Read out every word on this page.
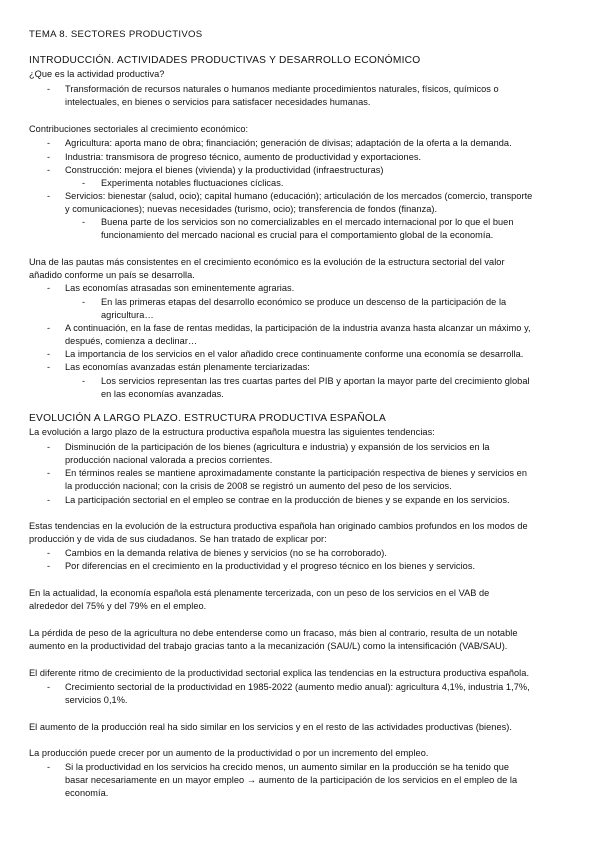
TEMA 8. SECTORES PRODUCTIVOS
INTRODUCCIÓN. ACTIVIDADES PRODUCTIVAS Y DESARROLLO ECONÓMICO
¿Que es la actividad productiva?
- Transformación de recursos naturales o humanos mediante procedimientos naturales, físicos, químicos o
intelectuales, en bienes o servicios para satisfacer necesidades humanas.
Contribuciones sectoriales al crecimiento económico:
- Agricultura: aporta mano de obra; financiación; generación de divisas; adaptación de la oferta a la demanda.
- Industria: transmisora de progreso técnico, aumento de productividad y exportaciones.
- Construcción: mejora el bienes (vivienda) y la productividad (infraestructuras)
- Experimenta notables fluctuaciones cíclicas.
- Servicios: bienestar (salud, ocio); capital humano (educación); articulación de los mercados (comercio, transporte
y comunicaciones); nuevas necesidades (turismo, ocio); transferencia de fondos (finanza).
- Buena parte de los servicios son no comercializables en el mercado internacional por lo que el buen
funcionamiento del mercado nacional es crucial para el comportamiento global de la economía.
Una de las pautas más consistentes en el crecimiento económico es la evolución de la estructura sectorial del valor
añadido conforme un país se desarrolla.
- Las economías atrasadas son eminentemente agrarias.
- En las primeras etapas del desarrollo económico se produce un descenso de la participación de la
agricultura…
- A continuación, en la fase de rentas medidas, la participación de la industria avanza hasta alcanzar un máximo y,
después, comienza a declinar…
- La importancia de los servicios en el valor añadido crece continuamente conforme una economía se desarrolla.
- Las economías avanzadas están plenamente terciarizadas:
- Los servicios representan las tres cuartas partes del PIB y aportan la mayor parte del crecimiento global
en las economías avanzadas.
EVOLUCIÓN A LARGO PLAZO. ESTRUCTURA PRODUCTIVA ESPAÑOLA
La evolución a largo plazo de la estructura productiva española muestra las siguientes tendencias:
- Disminución de la participación de los bienes (agricultura e industria) y expansión de los servicios en la
producción nacional valorada a precios corrientes.
- En términos reales se mantiene aproximadamente constante la participación respectiva de bienes y servicios en
la producción nacional; con la crisis de 2008 se registró un aumento del peso de los servicios.
- La participación sectorial en el empleo se contrae en la producción de bienes y se expande en los servicios.
Estas tendencias en la evolución de la estructura productiva española han originado cambios profundos en los modos de
producción y de vida de sus ciudadanos. Se han tratado de explicar por:
- Cambios en la demanda relativa de bienes y servicios (no se ha corroborado).
- Por diferencias en el crecimiento en la productividad y el progreso técnico en los bienes y servicios.
En la actualidad, la economía española está plenamente tercerizada, con un peso de los servicios en el VAB de
alrededor del 75% y del 79% en el empleo.
La pérdida de peso de la agricultura no debe entenderse como un fracaso, más bien al contrario, resulta de un notable
aumento en la productividad del trabajo gracias tanto a la mecanización (SAU/L) como la intensificación (VAB/SAU).
El diferente ritmo de crecimiento de la productividad sectorial explica las tendencias en la estructura productiva española.
- Crecimiento sectorial de la productividad en 1985-2022 (aumento medio anual): agricultura 4,1%, industria 1,7%,
servicios 0,1%.
El aumento de la producción real ha sido similar en los servicios y en el resto de las actividades productivas (bienes).
La producción puede crecer por un aumento de la productividad o por un incremento del empleo.
- Si la productividad en los servicios ha crecido menos, un aumento similar en la producción se ha tenido que
basar necesariamente en un mayor empleo → aumento de la participación de los servicios en el empleo de la
economía.
